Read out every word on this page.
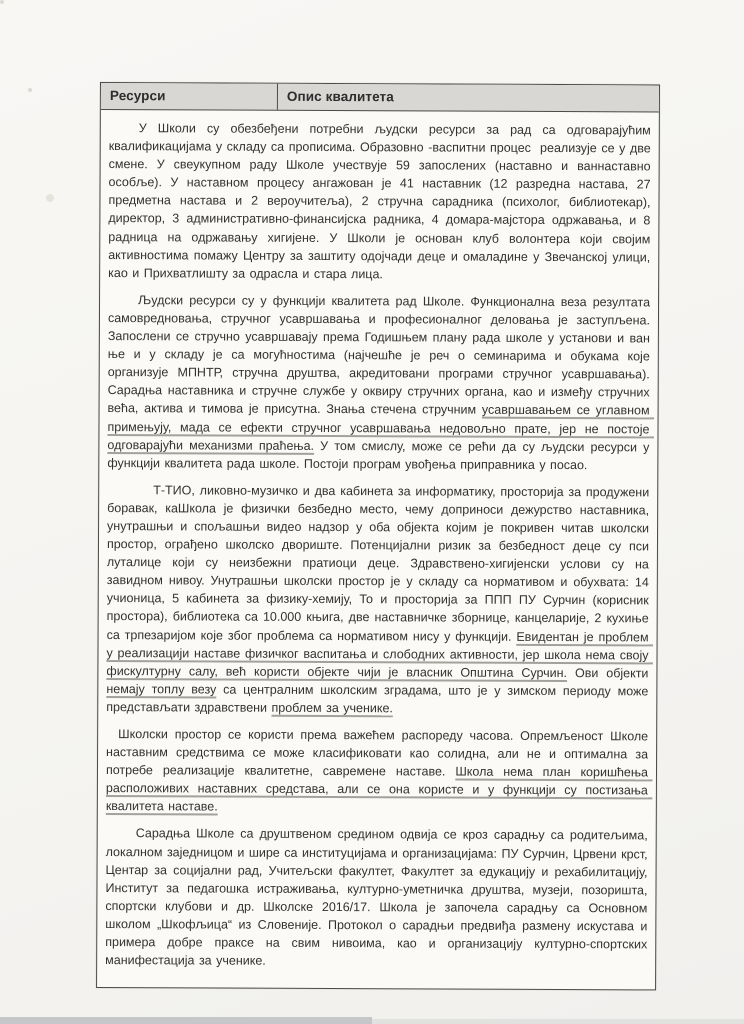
Ресурси	Опис квалитета

У Школи су обезбеђени потребни људски ресурси за рад са одговарајућим квалификацијама у складу са прописима. Образовно -васпитни процес  реализује се у две смене. У свеукупном раду Школе учествује 59 запослених (наставно и ваннаставно особље). У наставном процесу ангажован је 41 наставник (12 разредна настава, 27 предметна настава и 2 вероучитеља), 2 стручна сарадника (психолог, библиотекар), директор, 3 административно-финансијска радника, 4 домара-мајстора одржавања, и 8 радница на одржавању хигијене. У Школи је основан клуб волонтера који својим активностима помажу Центру за заштиту одојчади деце и омаладине у Звечанској улици, као и Прихватлишту за одрасла и стара лица.

Људски ресурси су у функцији квалитета рад Школе. Функционална веза резултата самовредновања, стручног усавршавања и професионалног деловања је заступљена. Запослени се стручно усавршавају према Годишњем плану рада школе у установи и ван ње и у складу је са могућностима (најчешће је реч о семинарима и обукама које организује МПНТР, стручна друштва, акредитовани програми стручног усавршавања). Сарадња наставника и стручне службе у оквиру стручних органа, као и између стручних већа, актива и тимова је присутна. Знања стечена стручним усавршавањем се углавном примењују, мада се ефекти стручног усавршавања недовољно прате, јер не постоје одговарајући механизми праћења. У том смислу, може се рећи да су људски ресурси у функцији квалитета рада школе. Постоји програм увођења приправника у посао.

Т-ТИО, ликовно-музичко и два кабинета за информатику, просторија за продужени боравак, каШкола је физички безбедно место, чему доприноси дежурство наставника, унутрашњи и спољашњи видео надзор у оба објекта којим је покривен читав школски простор, ограђено школско двориште. Потенцијални ризик за безбедност деце су пси луталице који су неизбежни пратиоци деце. Здравствено-хигијенски услови су на завидном нивоу. Унутрашњи школски простор је у складу са нормативом и обухвата: 14 учионица, 5 кабинета за физику-хемију, То и просторија за ППП ПУ Сурчин (корисник простора), библиотека са 10.000 књига, две наставничке зборнице, канцеларије, 2 кухиње са трпезаријом које због проблема са нормативом нису у функцији. Евидентан је проблем у реализацији наставе физичког васпитања и слободних активности, јер школа нема своју фискултурну салу, већ користи објекте чији је власник Општина Сурчин. Ови објекти немају топлу везу са централним школским зградама, што је у зимском периоду може представљати здравствени проблем за ученике.

Школски простор се користи према важећем распореду часова. Опремљеност Школе наставним средствима се може класификовати као солидна, али не и оптимална за потребе реализације квалитетне, савремене наставе. Школа нема план коришћења расположивих наставних средстава, али се она користе и у функцији су постизања квалитета наставе.

Сарадња Школе са друштвеном средином одвија се кроз сарадњу са родитељима, локалном заједницом и шире са институцијама и организацијама: ПУ Сурчин, Црвени крст, Центар за социјални рад, Учитељски факултет, Факултет за едукацију и рехабилитацију, Институт за педагошка истраживања, културно-уметничка друштва, музеји, позоришта, спортски клубови и др. Школске 2016/17. Школа је започела сарадњу са Основном школом „Шкофљица“ из Словеније. Протокол о сарадњи предвиђа размену искустава и примера добре праксе на свим нивоима, као и организацију културно-спортских манифестација за ученике.
